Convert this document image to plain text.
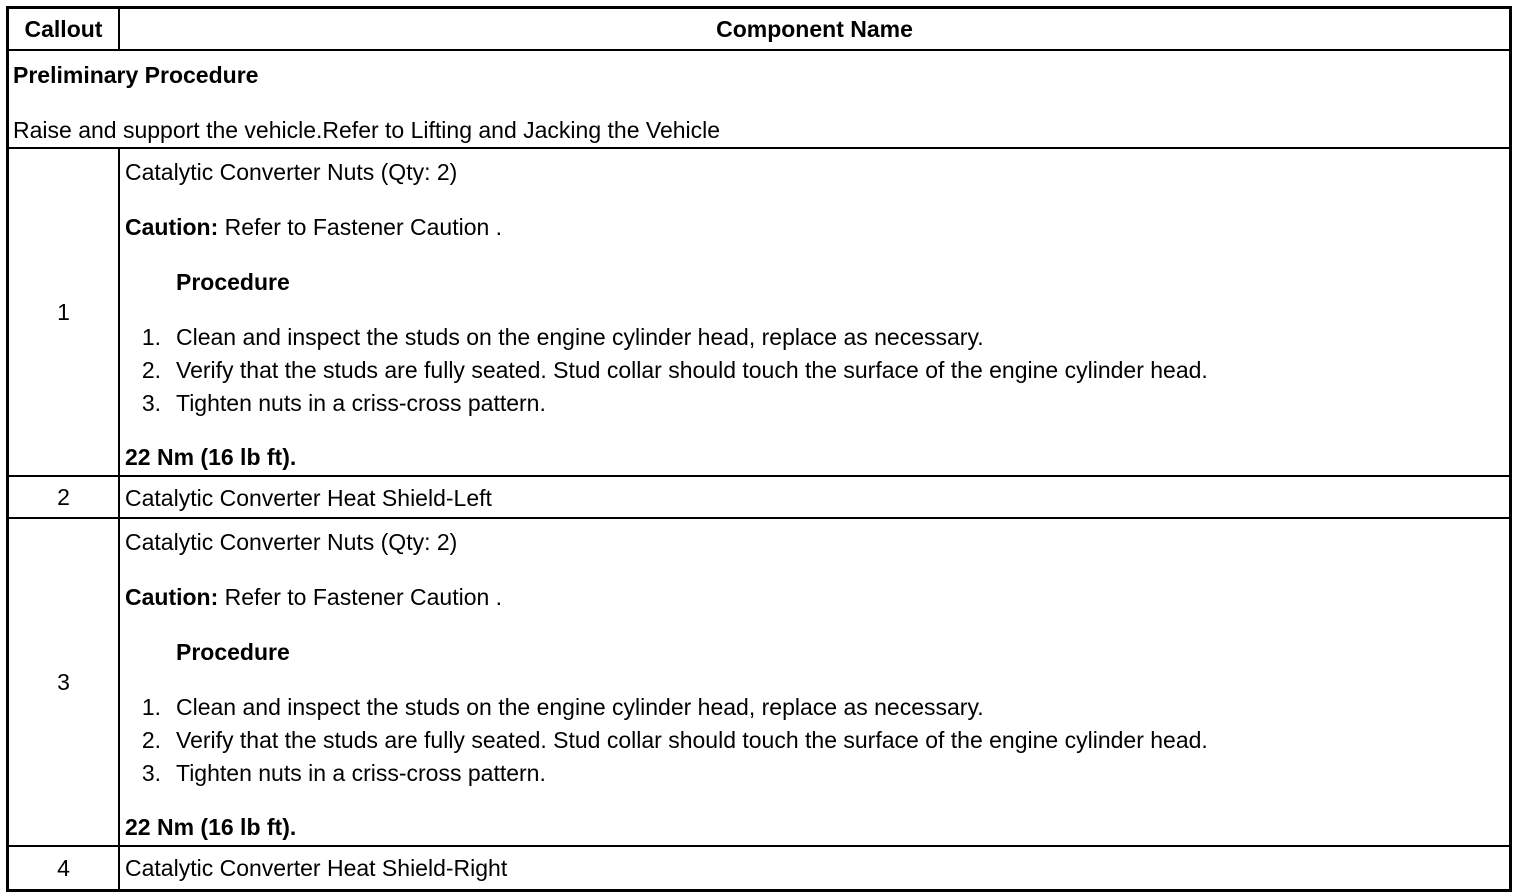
Callout	Component Name
Preliminary Procedure
Raise and support the vehicle.Refer to Lifting and Jacking the Vehicle
1
Catalytic Converter Nuts (Qty: 2)
Caution: Refer to Fastener Caution .
Procedure
1. Clean and inspect the studs on the engine cylinder head, replace as necessary.
2. Verify that the studs are fully seated. Stud collar should touch the surface of the engine cylinder head.
3. Tighten nuts in a criss-cross pattern.
22 Nm (16 lb ft).
2	Catalytic Converter Heat Shield-Left
3
Catalytic Converter Nuts (Qty: 2)
Caution: Refer to Fastener Caution .
Procedure
1. Clean and inspect the studs on the engine cylinder head, replace as necessary.
2. Verify that the studs are fully seated. Stud collar should touch the surface of the engine cylinder head.
3. Tighten nuts in a criss-cross pattern.
22 Nm (16 lb ft).
4	Catalytic Converter Heat Shield-Right
